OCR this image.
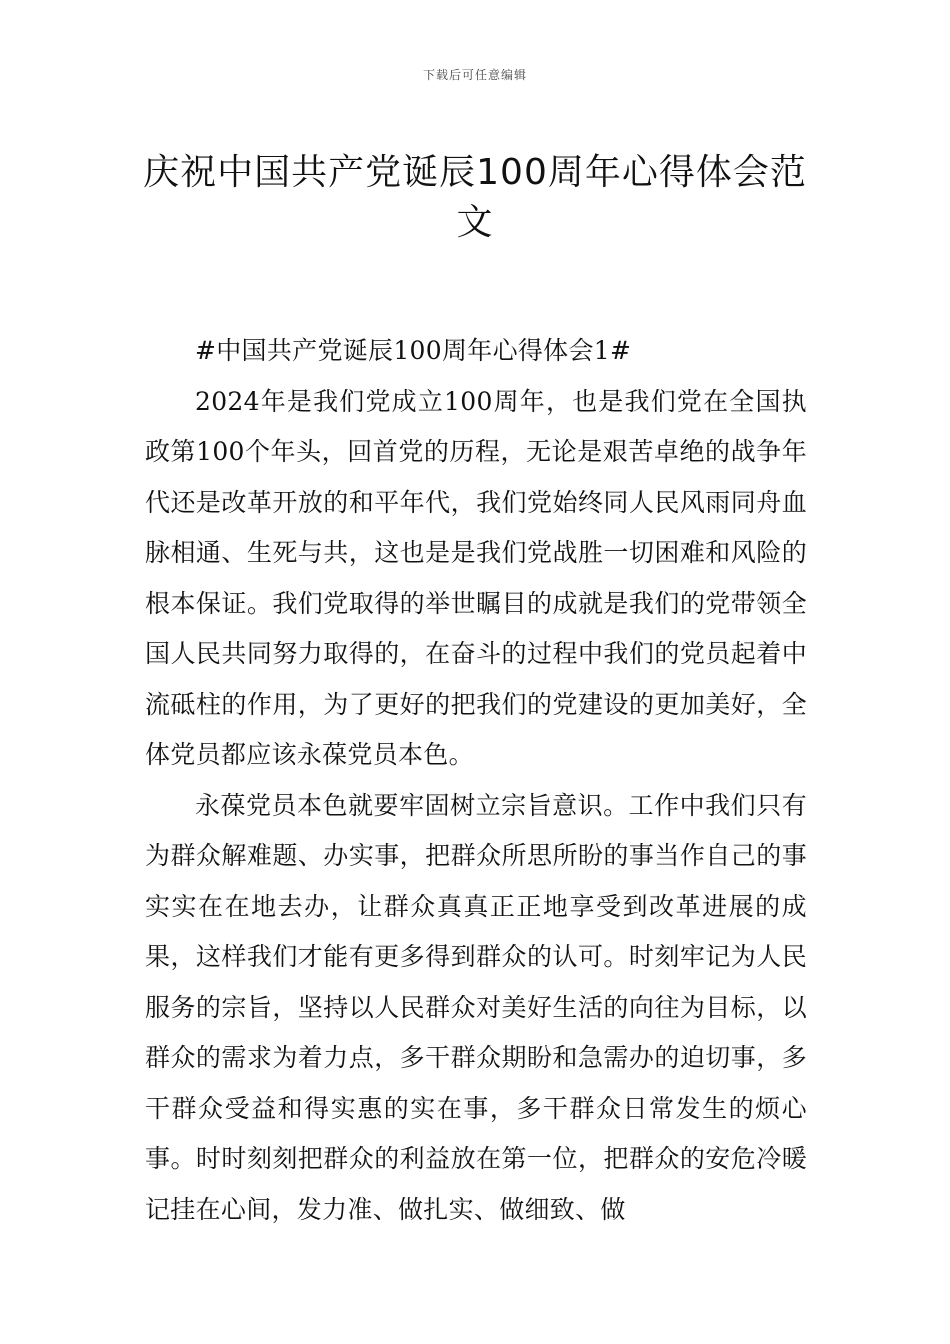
下载后可任意编辑
庆祝中国共产党诞辰100周年心得体会范文

#中国共产党诞辰100周年心得体会1#

2024年是我们党成立100周年，也是我们党在全国执政第100个年头，回首党的历程，无论是艰苦卓绝的战争年代还是改革开放的和平年代，我们党始终同人民风雨同舟血脉相通、生死与共，这也是是我们党战胜一切困难和风险的根本保证。我们党取得的举世瞩目的成就是我们的党带领全国人民共同努力取得的，在奋斗的过程中我们的党员起着中流砥柱的作用，为了更好的把我们的党建设的更加美好，全体党员都应该永葆党员本色。

永葆党员本色就要牢固树立宗旨意识。工作中我们只有为群众解难题、办实事，把群众所思所盼的事当作自己的事实实在在地去办，让群众真真正正地享受到改革进展的成果，这样我们才能有更多得到群众的认可。时刻牢记为人民服务的宗旨，坚持以人民群众对美好生活的向往为目标，以群众的需求为着力点，多干群众期盼和急需办的迫切事，多干群众受益和得实惠的实在事，多干群众日常发生的烦心事。时时刻刻把群众的利益放在第一位，把群众的安危冷暖记挂在心间，发力准、做扎实、做细致、做
